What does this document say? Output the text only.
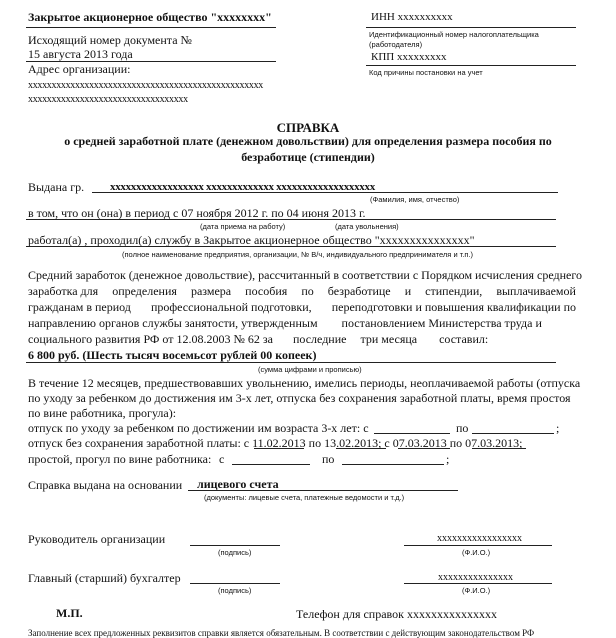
Закрытое акционерное общество "xxxxxxxx"
Исходящий номер документа №
15 августа 2013 года
Адрес организации:
xxxxxxxxxxxxxxxxxxxxxxxxxxxxxxxxxxxxxxxxxxxxxxxxxx
xxxxxxxxxxxxxxxxxxxxxxxxxxxxxxxxxx
ИНН xxxxxxxxxx
Идентификационный номер налогоплательщика (работодателя)
КПП xxxxxxxxx
Код причины постановки на учет
СПРАВКА
о средней заработной плате (денежном довольствии) для определения размера пособия по
безработице (стипендии)
Выдана гр. xxxxxxxxxxxxxxxxxx xxxxxxxxxxxxx xxxxxxxxxxxxxxxxxxx
(Фамилия, имя, отчество)
в том, что он (она) в период с 07 ноября 2012 г. по 04 июня 2013 г.
(дата приема на работу)	(дата увольнения)
работал(а) , проходил(а) службу в Закрытое акционерное общество "xxxxxxxxxxxxxxx"
(полное наименование предприятия, организации, № В/ч, индивидуального предпринимателя и т.п.)
Средний заработок (денежное довольствие), рассчитанный в соответствии с Порядком исчисления среднего
заработка для определения размера пособия по безработице и стипендии, выплачиваемой
гражданам в период профессиональной подготовки, переподготовки и повышения квалификации по
направлению органов службы занятости, утвержденным постановлением Министерства труда и
социального развития РФ от 12.08.2003 № 62 за последние три месяца составил:
6 800 руб. (Шесть тысяч восемьсот рублей 00 копеек)
(сумма цифрами и прописью)
В течение 12 месяцев, предшествовавших увольнению, имелись периоды, неоплачиваемой работы (отпуска
по уходу за ребенком до достижения им 3-х лет, отпуска без сохранения заработной платы, время простоя
по вине работника, прогула):
отпуск по уходу за ребенком по достижении им возраста 3-х лет: с	по	;
отпуск без сохранения заработной платы: с 11.02.2013 по 13.02.2013; с 07.03.2013 по 07.03.2013;
простой, прогул по вине работника: с	по	;
Справка выдана на основании лицевого счета
(документы: лицевые счета, платежные ведомости и т.д.)
Руководитель организации
(подпись)
xxxxxxxxxxxxxxxxx
(Ф.И.О.)
Главный (старший) бухгалтер
(подпись)
xxxxxxxxxxxxxxx
(Ф.И.О.)
М.П.	Телефон для справок xxxxxxxxxxxxxxx
Заполнение всех предложенных реквизитов справки является обязательным. В соответствии с действующим законодательством РФ
